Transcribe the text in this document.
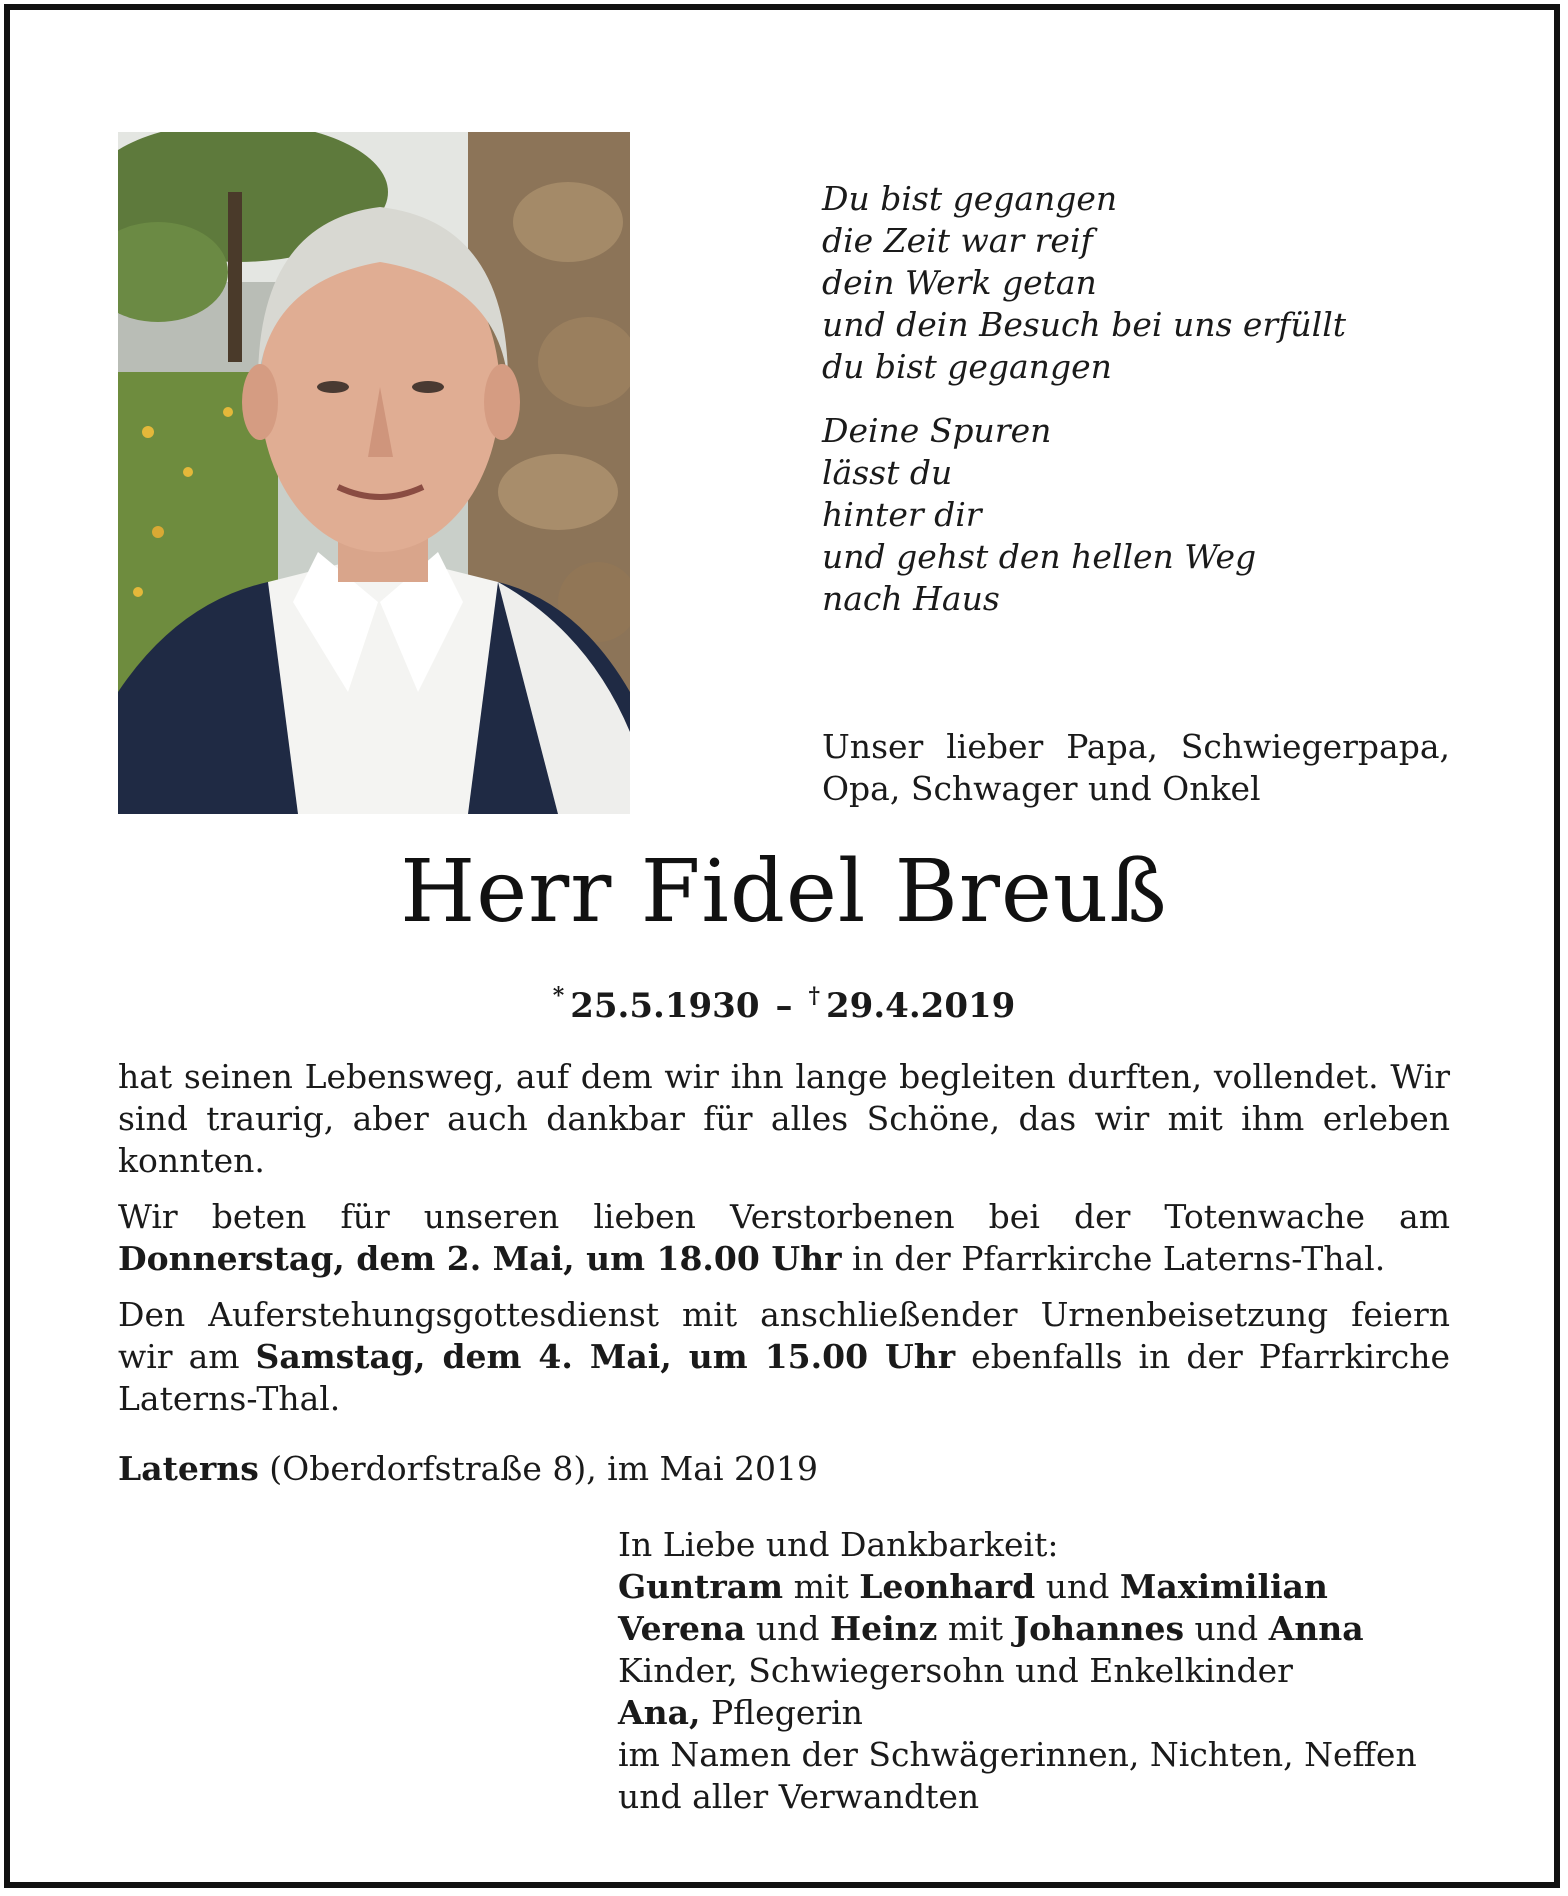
Du bist gegangen
die Zeit war reif
dein Werk getan
und dein Besuch bei uns erfüllt
du bist gegangen
Deine Spuren
lässt du
hinter dir
und gehst den hellen Weg
nach Haus
Unser lieber Papa, Schwiegerpapa,
Opa, Schwager und Onkel
Herr Fidel Breuß
* 25.5.1930 – † 29.4.2019

hat seinen Lebensweg, auf dem wir ihn lange begleiten durften, vollendet. Wir sind traurig, aber auch dankbar für alles Schöne, das wir mit ihm erleben konnten.

Wir beten für unseren lieben Verstorbenen bei der Totenwache am Donnerstag, dem 2. Mai, um 18.00 Uhr in der Pfarrkirche Laterns-Thal.

Den Auferstehungsgottesdienst mit anschließender Urnenbeisetzung feiern wir am Samstag, dem 4. Mai, um 15.00 Uhr ebenfalls in der Pfarrkirche Laterns-Thal.

Laterns (Oberdorfstraße 8), im Mai 2019
In Liebe und Dankbarkeit:
Guntram mit Leonhard und Maximilian
Verena und Heinz mit Johannes und Anna
Kinder, Schwiegersohn und Enkelkinder
Ana, Pflegerin
im Namen der Schwägerinnen, Nichten, Neffen
und aller Verwandten
